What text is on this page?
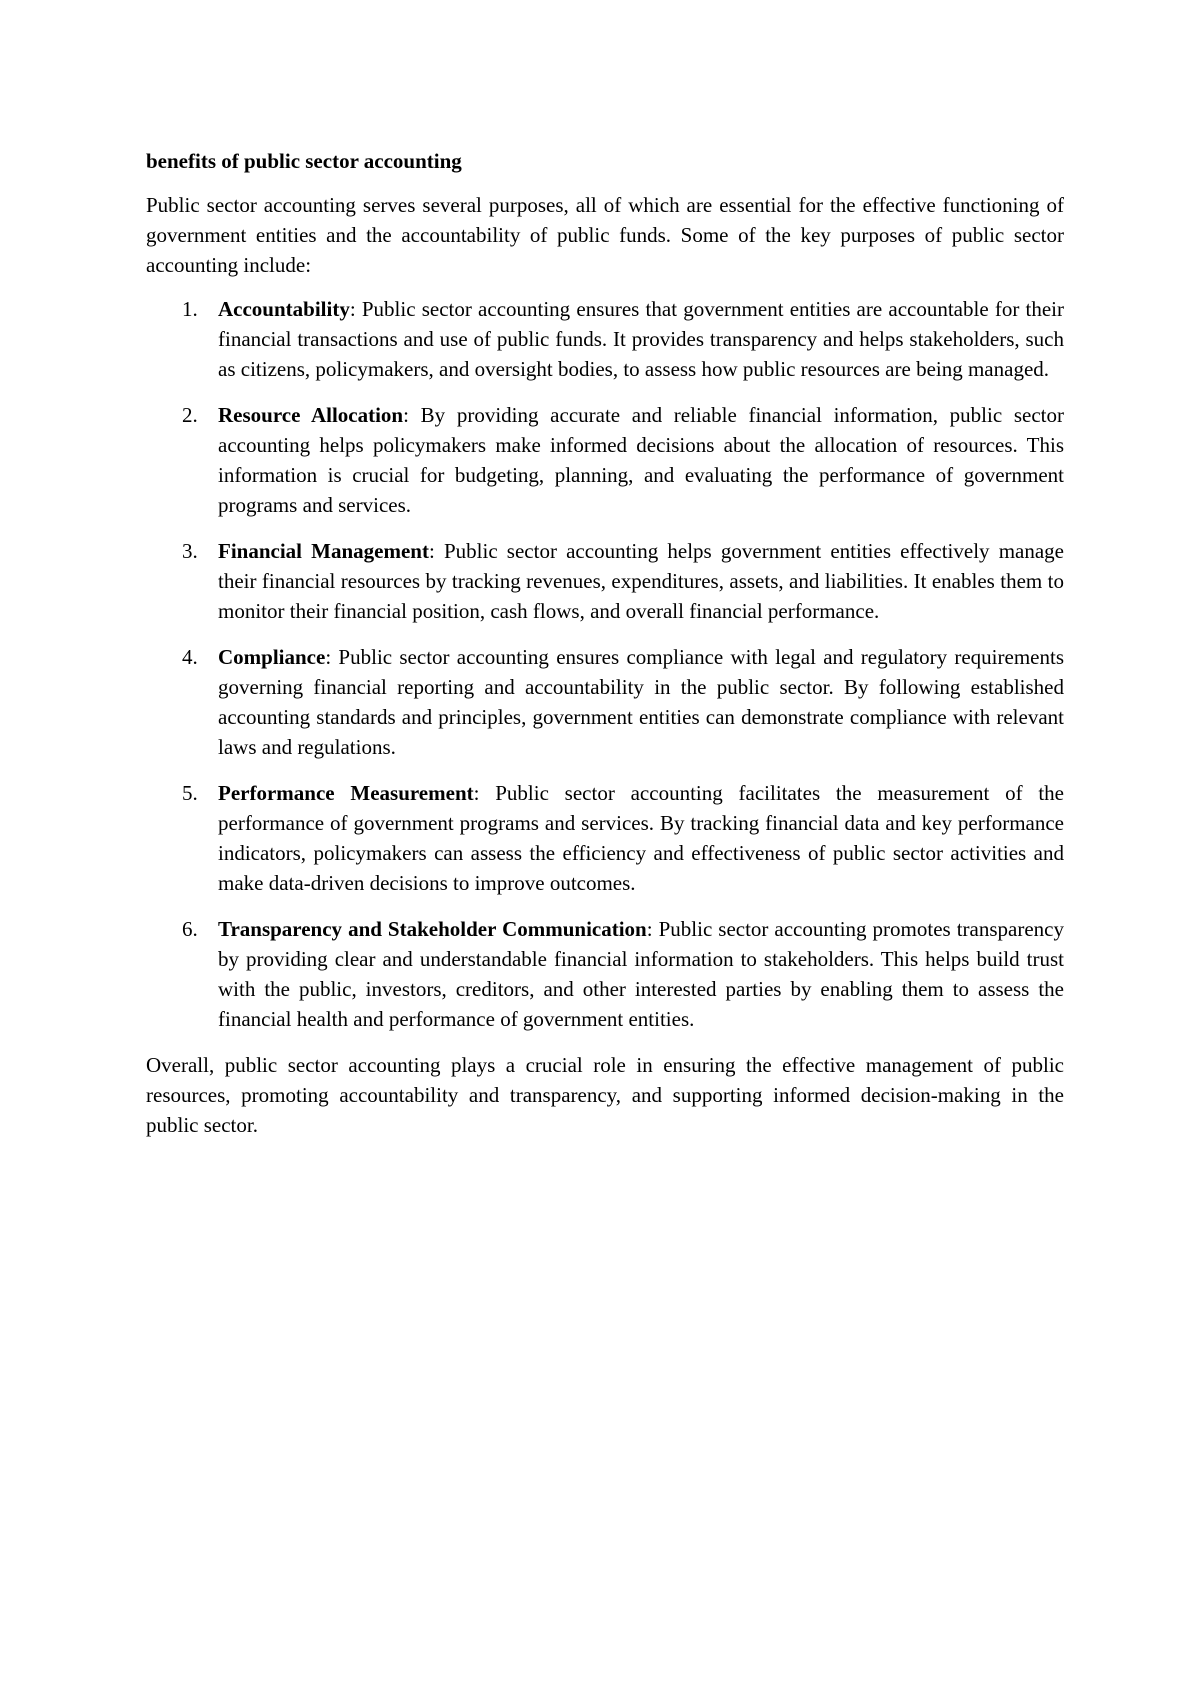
benefits of public sector accounting

Public sector accounting serves several purposes, all of which are essential for the effective functioning of government entities and the accountability of public funds. Some of the key purposes of public sector accounting include:

1. Accountability: Public sector accounting ensures that government entities are accountable for their financial transactions and use of public funds. It provides transparency and helps stakeholders, such as citizens, policymakers, and oversight bodies, to assess how public resources are being managed.
2. Resource Allocation: By providing accurate and reliable financial information, public sector accounting helps policymakers make informed decisions about the allocation of resources. This information is crucial for budgeting, planning, and evaluating the performance of government programs and services.
3. Financial Management: Public sector accounting helps government entities effectively manage their financial resources by tracking revenues, expenditures, assets, and liabilities. It enables them to monitor their financial position, cash flows, and overall financial performance.
4. Compliance: Public sector accounting ensures compliance with legal and regulatory requirements governing financial reporting and accountability in the public sector. By following established accounting standards and principles, government entities can demonstrate compliance with relevant laws and regulations.
5. Performance Measurement: Public sector accounting facilitates the measurement of the performance of government programs and services. By tracking financial data and key performance indicators, policymakers can assess the efficiency and effectiveness of public sector activities and make data-driven decisions to improve outcomes.
6. Transparency and Stakeholder Communication: Public sector accounting promotes transparency by providing clear and understandable financial information to stakeholders. This helps build trust with the public, investors, creditors, and other interested parties by enabling them to assess the financial health and performance of government entities.

Overall, public sector accounting plays a crucial role in ensuring the effective management of public resources, promoting accountability and transparency, and supporting informed decision-making in the public sector.
